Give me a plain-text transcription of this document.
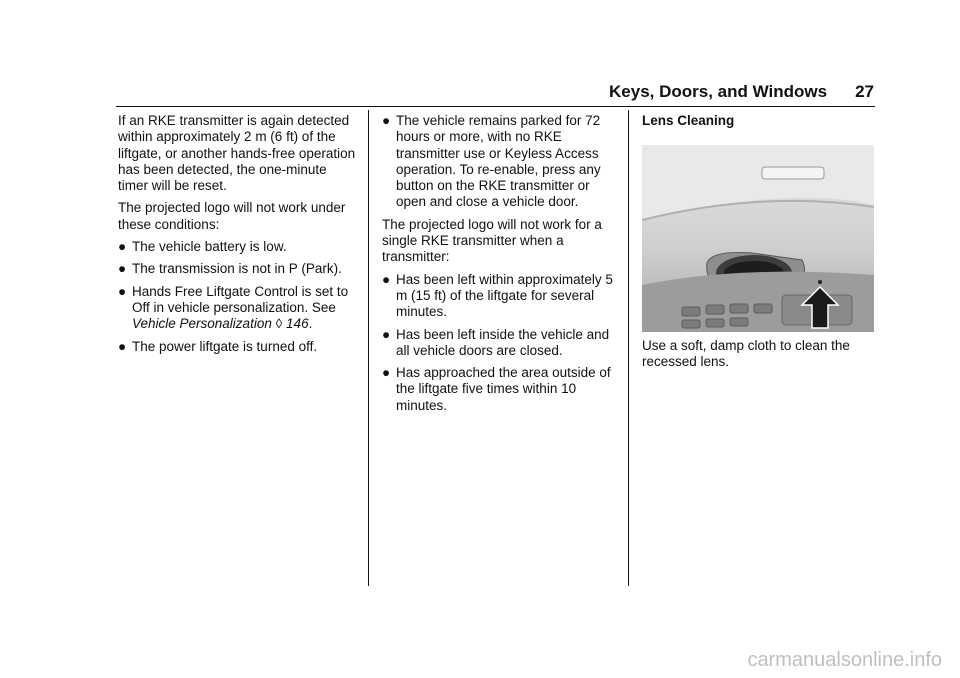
Keys, Doors, and Windows 27

If an RKE transmitter is again detected within approximately 2 m (6 ft) of the liftgate, or another hands-free operation has been detected, the one-minute timer will be reset.

The projected logo will not work under these conditions:

● The vehicle battery is low.
● The transmission is not in P (Park).
● Hands Free Liftgate Control is set to Off in vehicle personalization. See Vehicle Personalization ◊ 146.
● The power liftgate is turned off.
● The vehicle remains parked for 72 hours or more, with no RKE transmitter use or Keyless Access operation. To re-enable, press any button on the RKE transmitter or open and close a vehicle door.

The projected logo will not work for a single RKE transmitter when a transmitter:

● Has been left within approximately 5 m (15 ft) of the liftgate for several minutes.
● Has been left inside the vehicle and all vehicle doors are closed.
● Has approached the area outside of the liftgate five times within 10 minutes.

Lens Cleaning

Use a soft, damp cloth to clean the recessed lens.

carmanualsonline.info
